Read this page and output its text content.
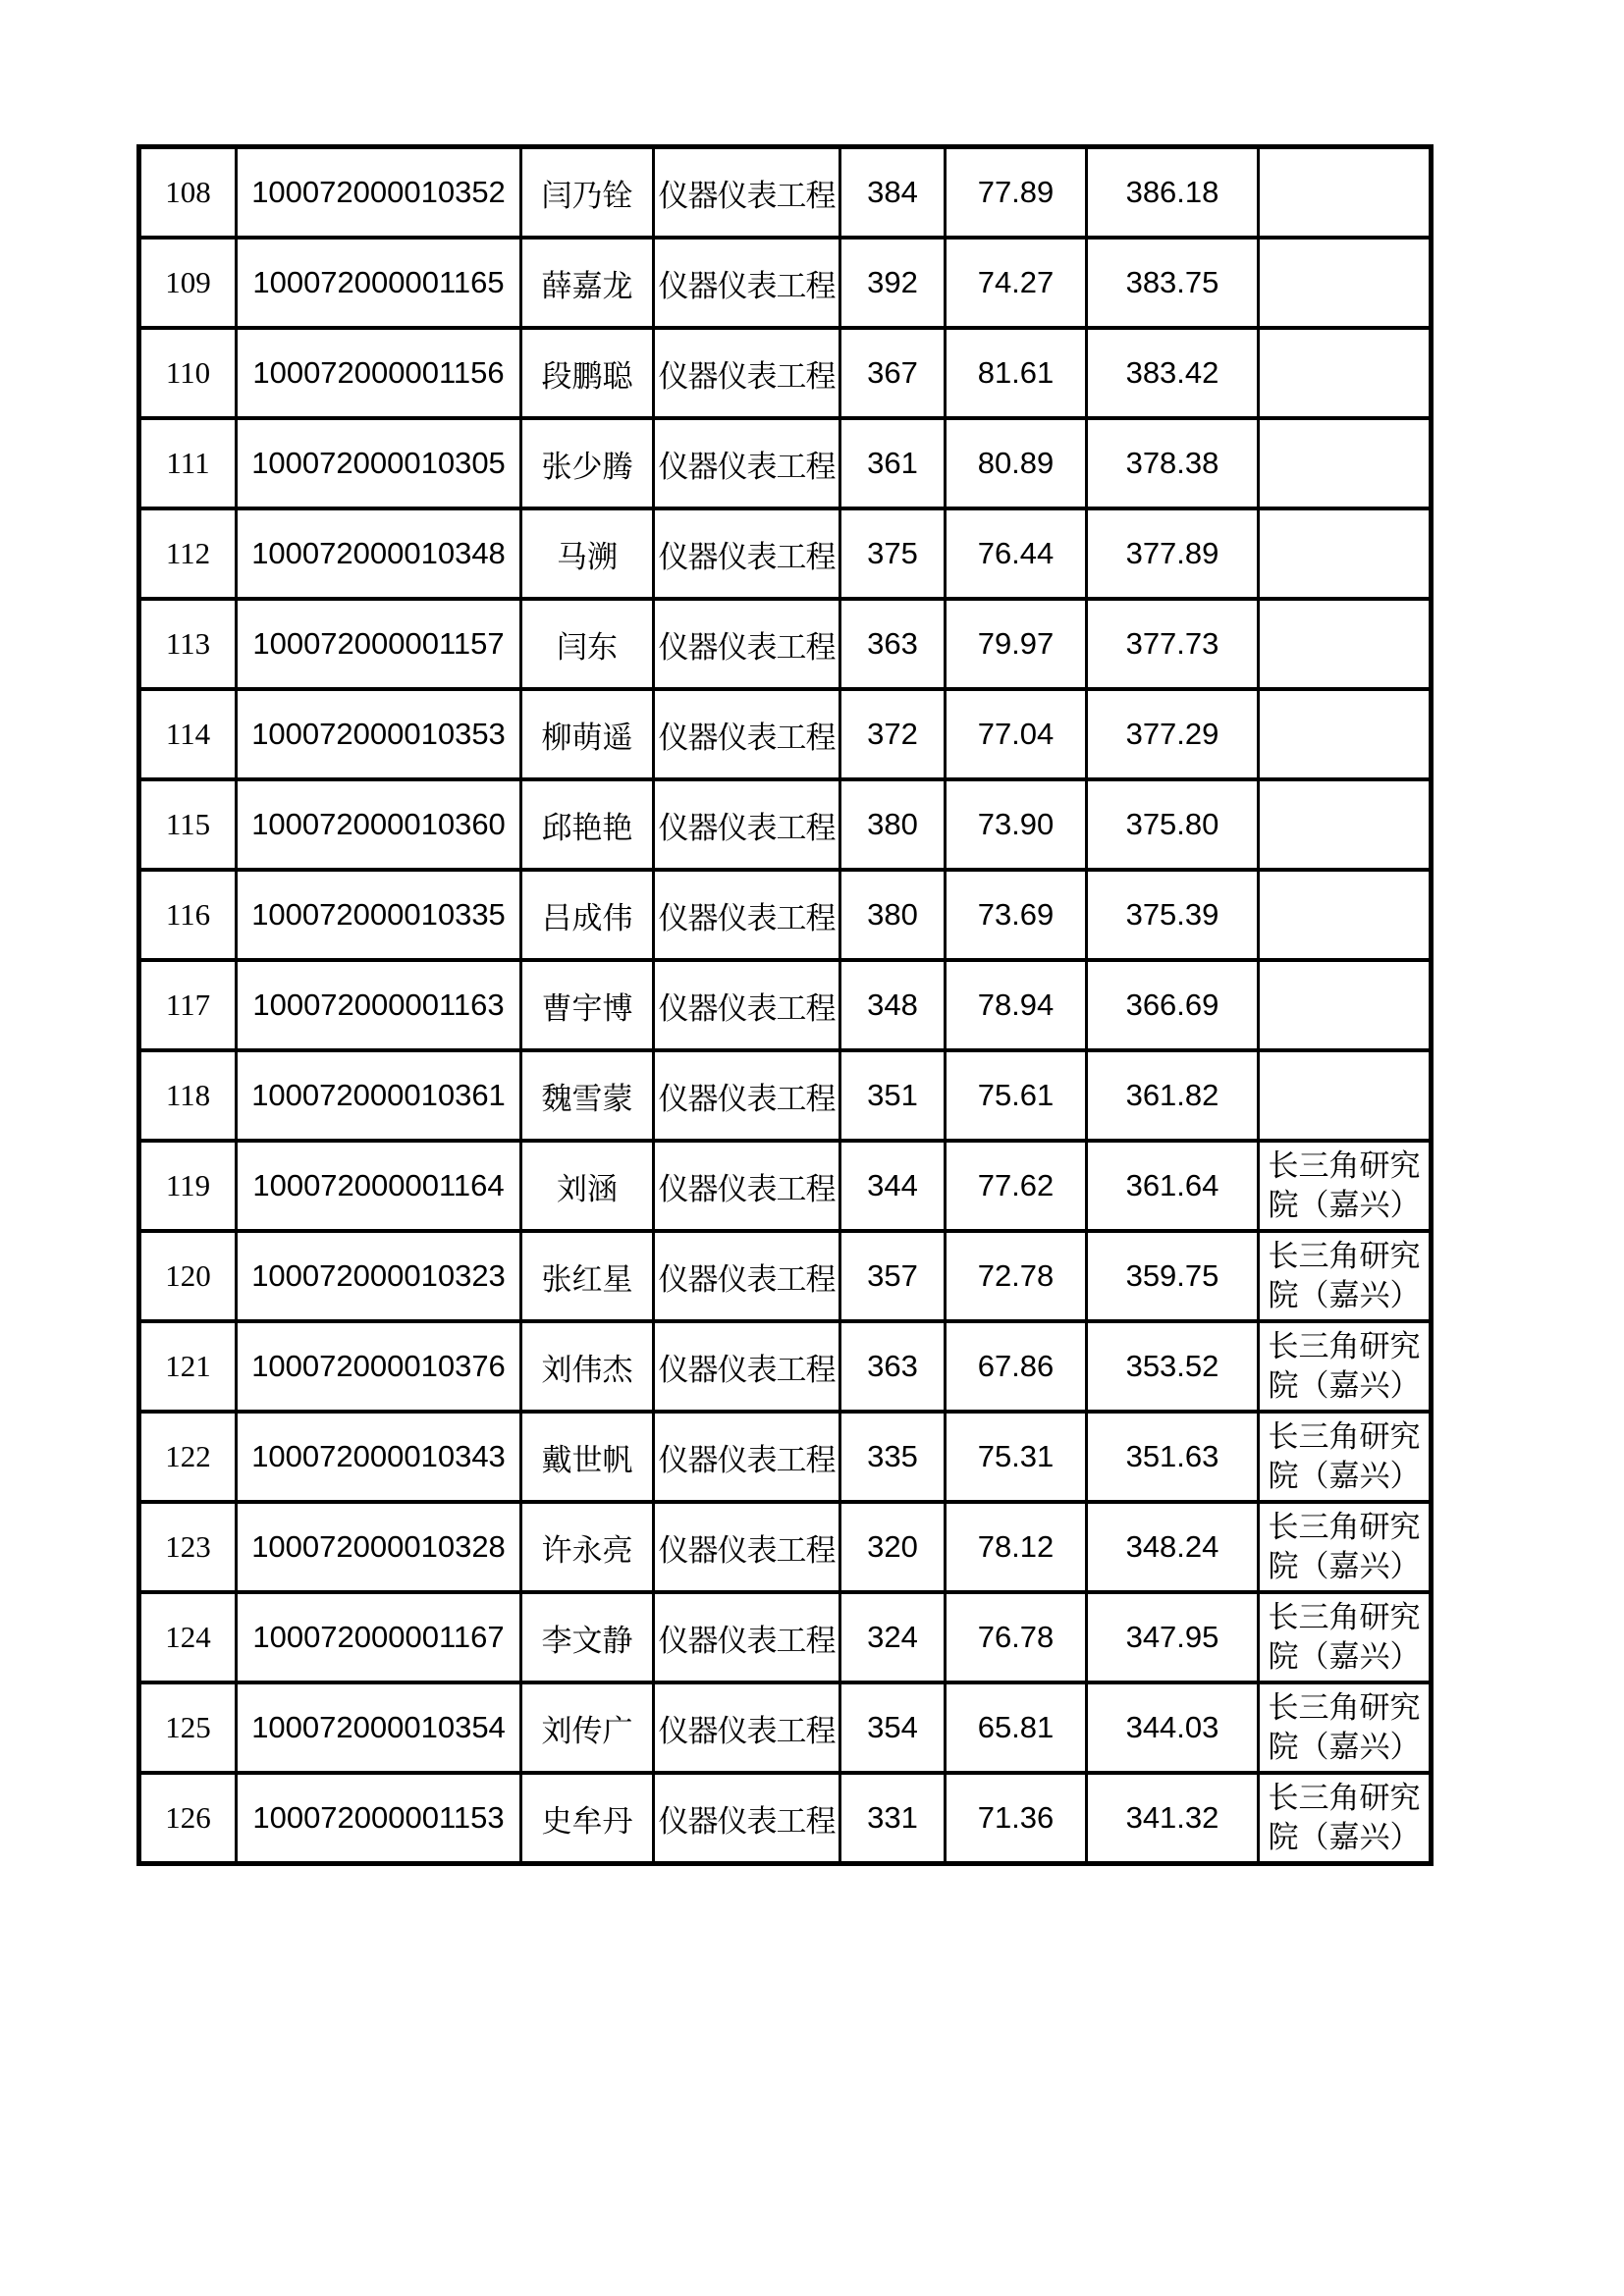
108	100072000010352	闫乃铨	仪器仪表工程	384	77.89	386.18	
109	100072000001165	薛嘉龙	仪器仪表工程	392	74.27	383.75	
110	100072000001156	段鹏聪	仪器仪表工程	367	81.61	383.42	
111	100072000010305	张少腾	仪器仪表工程	361	80.89	378.38	
112	100072000010348	马溯	仪器仪表工程	375	76.44	377.89	
113	100072000001157	闫东	仪器仪表工程	363	79.97	377.73	
114	100072000010353	柳萌遥	仪器仪表工程	372	77.04	377.29	
115	100072000010360	邱艳艳	仪器仪表工程	380	73.90	375.80	
116	100072000010335	吕成伟	仪器仪表工程	380	73.69	375.39	
117	100072000001163	曹宇博	仪器仪表工程	348	78.94	366.69	
118	100072000010361	魏雪蒙	仪器仪表工程	351	75.61	361.82	
119	100072000001164	刘涵	仪器仪表工程	344	77.62	361.64	长三角研究院（嘉兴）
120	100072000010323	张红星	仪器仪表工程	357	72.78	359.75	长三角研究院（嘉兴）
121	100072000010376	刘伟杰	仪器仪表工程	363	67.86	353.52	长三角研究院（嘉兴）
122	100072000010343	戴世帆	仪器仪表工程	335	75.31	351.63	长三角研究院（嘉兴）
123	100072000010328	许永亮	仪器仪表工程	320	78.12	348.24	长三角研究院（嘉兴）
124	100072000001167	李文静	仪器仪表工程	324	76.78	347.95	长三角研究院（嘉兴）
125	100072000010354	刘传广	仪器仪表工程	354	65.81	344.03	长三角研究院（嘉兴）
126	100072000001153	史牟丹	仪器仪表工程	331	71.36	341.32	长三角研究院（嘉兴）
